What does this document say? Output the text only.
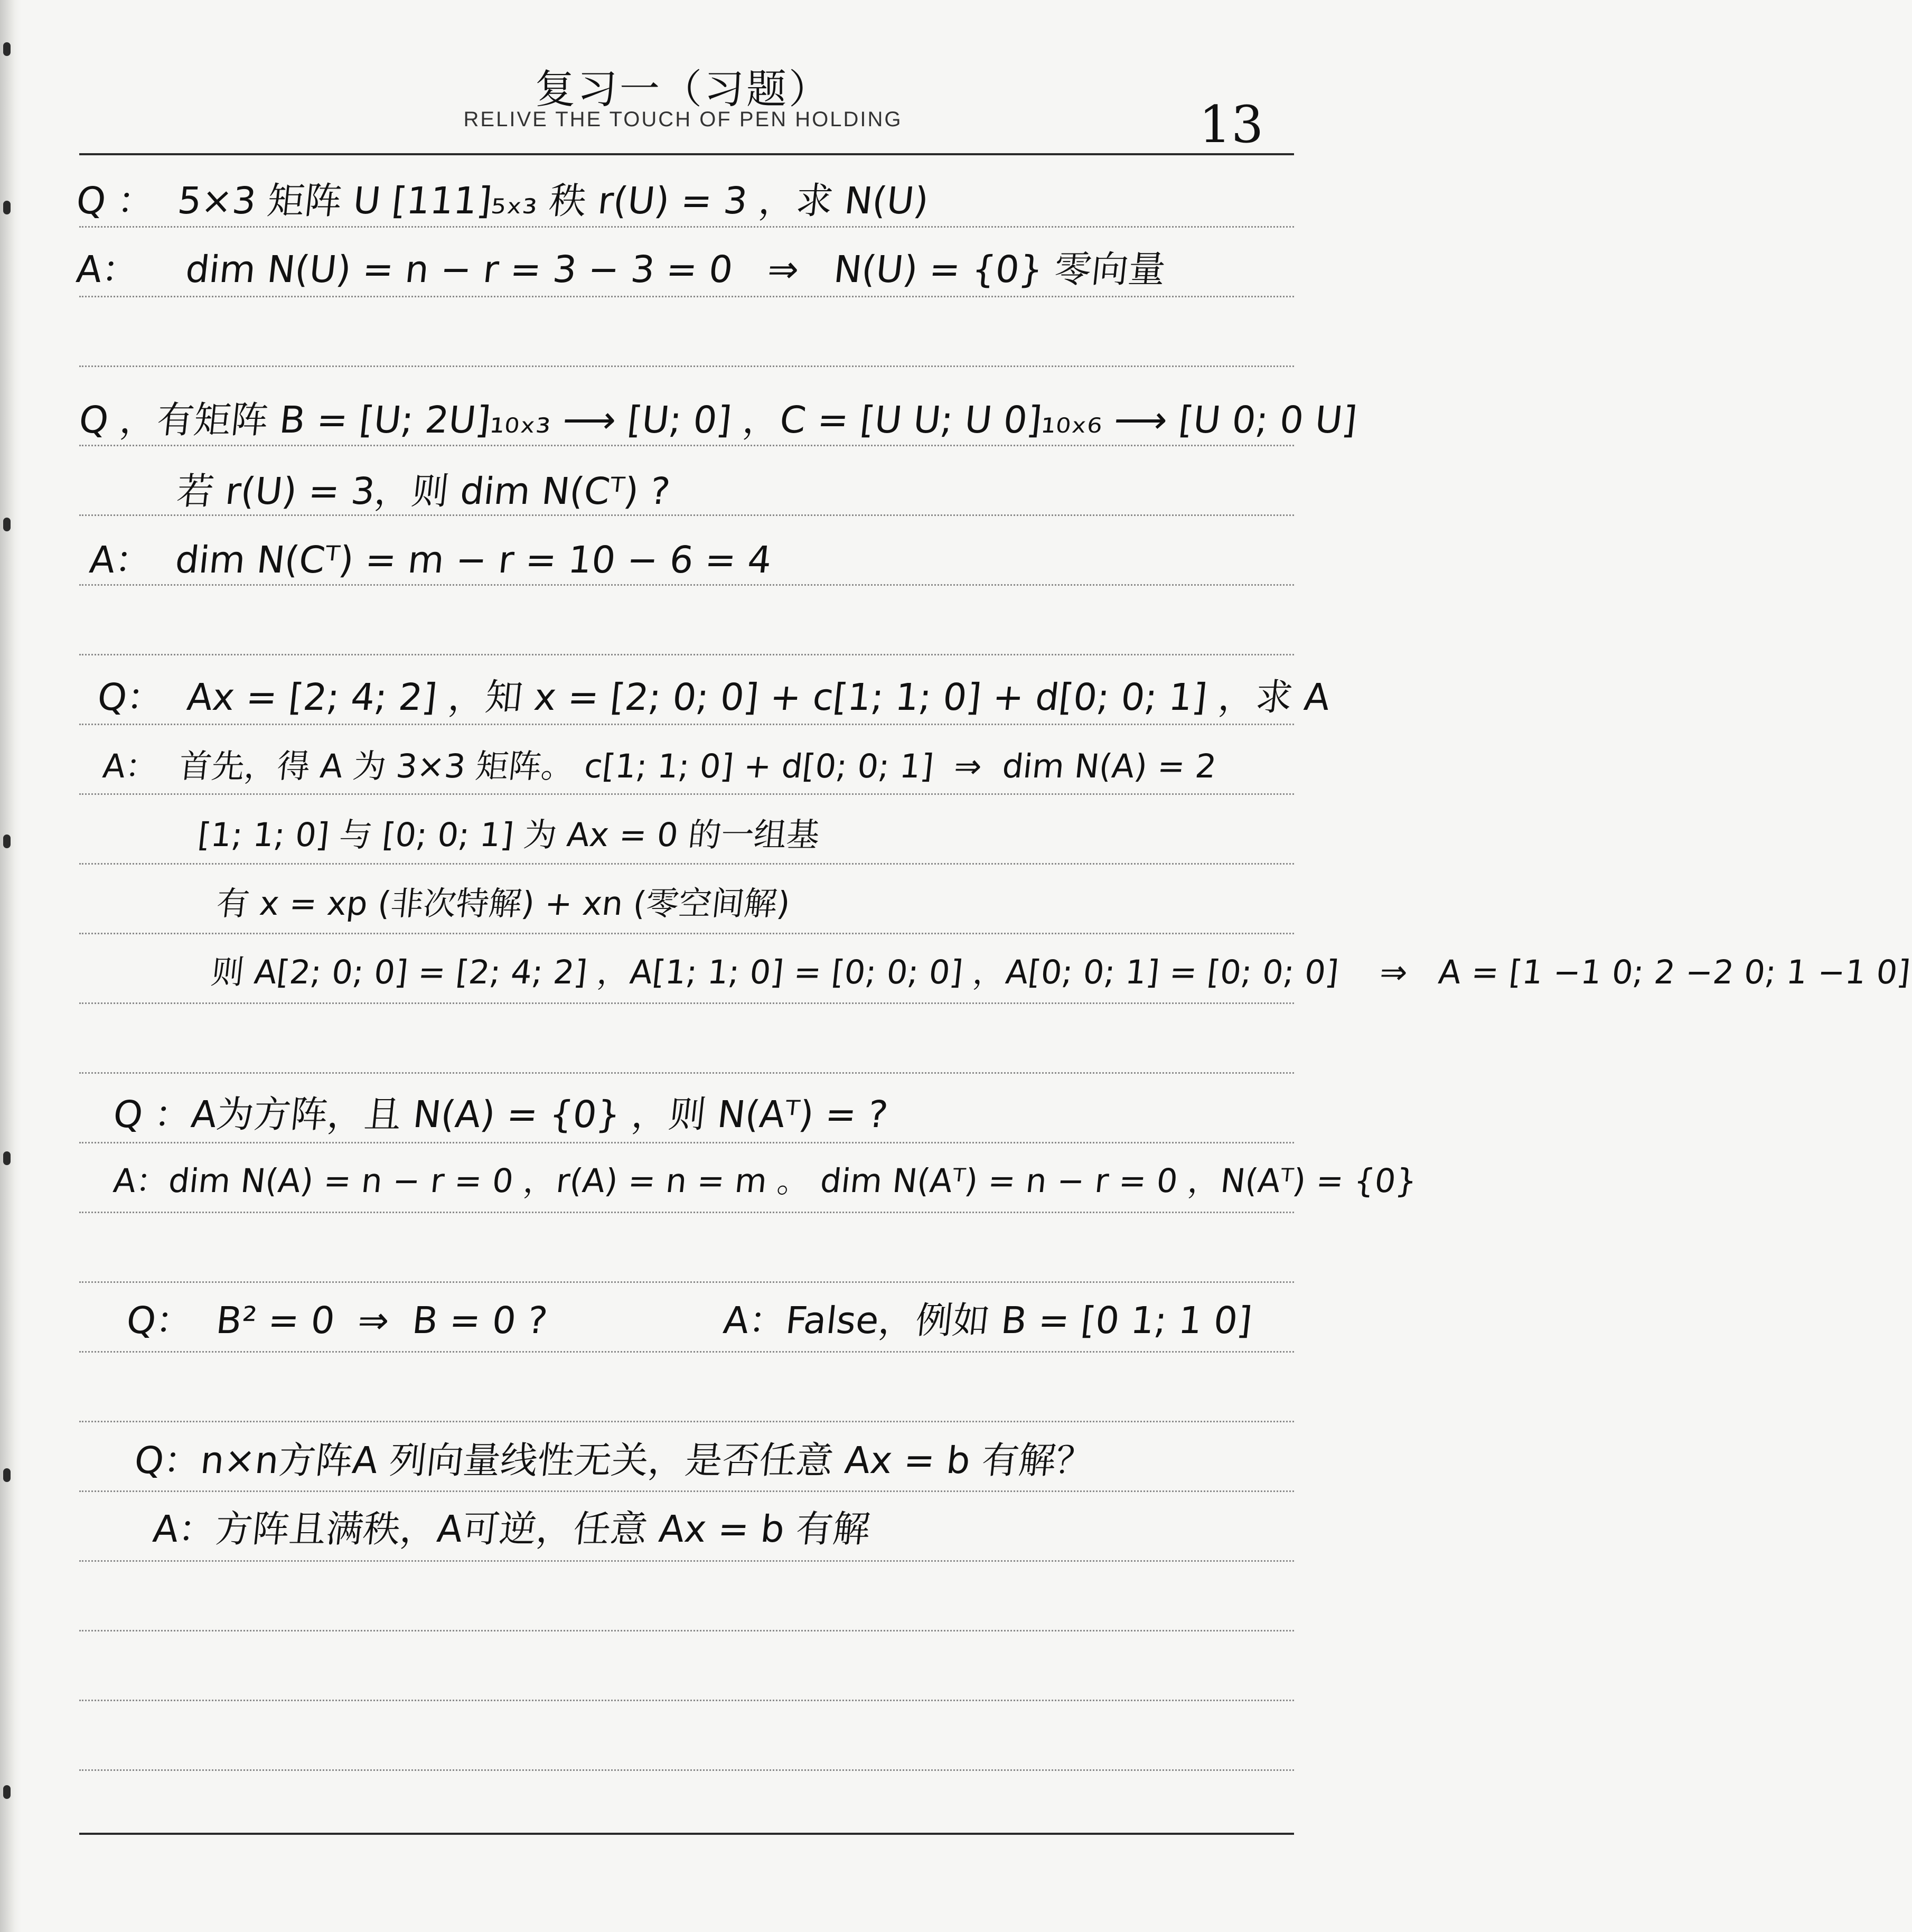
复习一（习题）
RELIVE THE TOUCH OF PEN HOLDING	13
Q ：  5×3 矩阵 U [111]₅ₓ₃ 秩 r(U) = 3 ，求 N(U)
A：    dim N(U) = n − r = 3 − 3 = 0   ⇒   N(U) = {0} 零向量
Q ，有矩阵 B = [U; 2U]₁₀ₓ₃ ⟶ [U; 0] ，C = [U U; U 0]₁₀ₓ₆ ⟶ [U 0; 0 U]
若 r(U) = 3，则 dim N(Cᵀ) ?
A：  dim N(Cᵀ) = m − r = 10 − 6 = 4
Q：  Ax = [2; 4; 2] ，知 x = [2; 0; 0] + c[1; 1; 0] + d[0; 0; 1] ，求 A
A：  首先，得 A 为 3×3 矩阵。 c[1; 1; 0] + d[0; 0; 1]  ⇒  dim N(A) = 2
[1; 1; 0] 与 [0; 0; 1] 为 Ax = 0 的一组基
有 x = xp (非次特解) + xn (零空间解)
则 A[2; 0; 0] = [2; 4; 2] ，A[1; 1; 0] = [0; 0; 0] ，A[0; 0; 1] = [0; 0; 0]    ⇒   A = [1 −1 0; 2 −2 0; 1 −1 0]
Q ：A为方阵，且 N(A) = {0} ，则 N(Aᵀ) = ?
A：dim N(A) = n − r = 0 ，r(A) = n = m 。 dim N(Aᵀ) = n − r = 0 ，N(Aᵀ) = {0}
Q：  B² = 0  ⇒  B = 0 ?	A：False，例如 B = [0 1; 1 0]
Q：n×n方阵A 列向量线性无关，是否任意 Ax = b 有解？
A：方阵且满秩，A可逆，任意 Ax = b 有解
